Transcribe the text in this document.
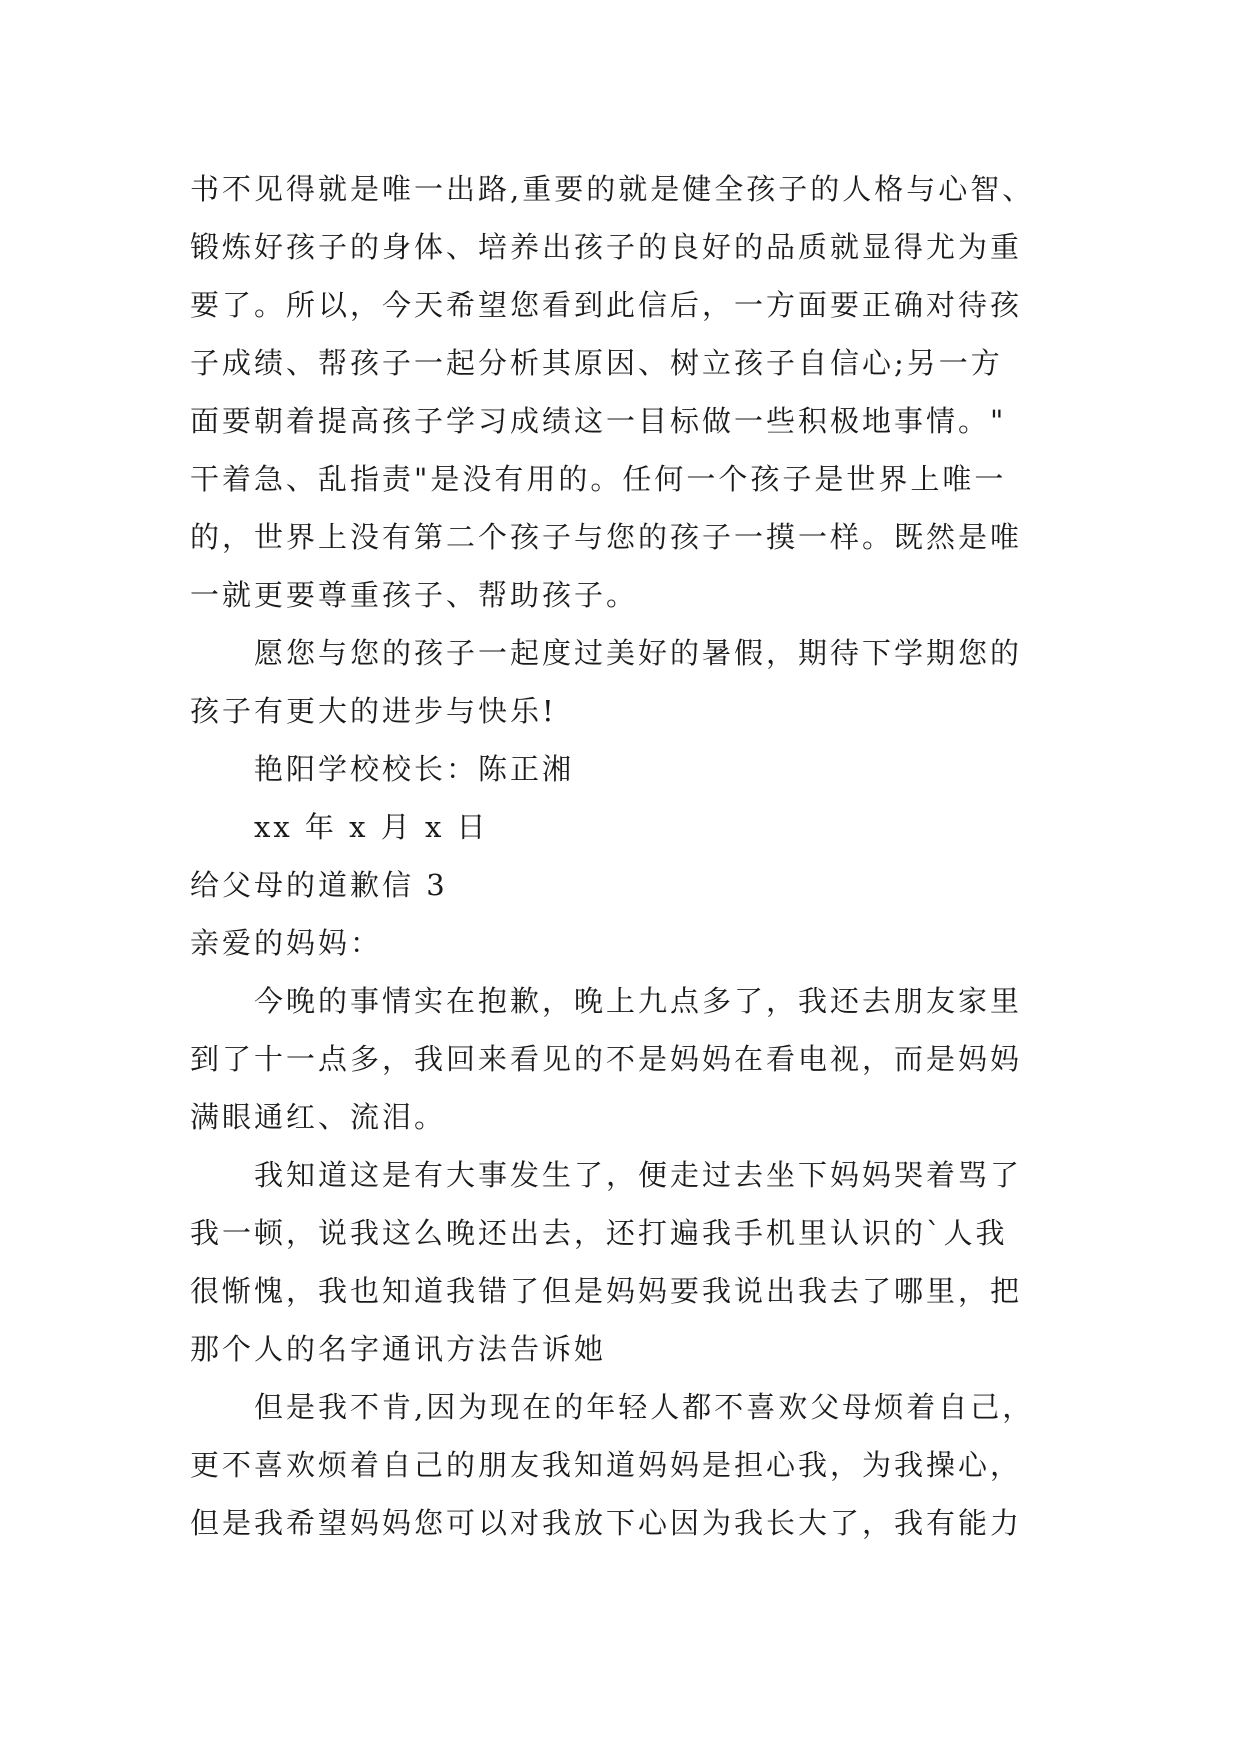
书不见得就是唯一出路,重要的就是健全孩子的人格与心智、
锻炼好孩子的身体、培养出孩子的良好的品质就显得尤为重
要了。所以，今天希望您看到此信后，一方面要正确对待孩
子成绩、帮孩子一起分析其原因、树立孩子自信心;另一方
面要朝着提高孩子学习成绩这一目标做一些积极地事情。"
干着急、乱指责"是没有用的。任何一个孩子是世界上唯一
的，世界上没有第二个孩子与您的孩子一摸一样。既然是唯
一就更要尊重孩子、帮助孩子。
愿您与您的孩子一起度过美好的暑假，期待下学期您的
孩子有更大的进步与快乐!
艳阳学校校长：陈正湘
xx 年 x 月 x 日
给父母的道歉信 3
亲爱的妈妈：
今晚的事情实在抱歉，晚上九点多了，我还去朋友家里
到了十一点多，我回来看见的不是妈妈在看电视，而是妈妈
满眼通红、流泪。
我知道这是有大事发生了，便走过去坐下妈妈哭着骂了
我一顿，说我这么晚还出去，还打遍我手机里认识的`人我
很惭愧，我也知道我错了但是妈妈要我说出我去了哪里，把
那个人的名字通讯方法告诉她
但是我不肯,因为现在的年轻人都不喜欢父母烦着自己，
更不喜欢烦着自己的朋友我知道妈妈是担心我，为我操心，
但是我希望妈妈您可以对我放下心因为我长大了，我有能力
